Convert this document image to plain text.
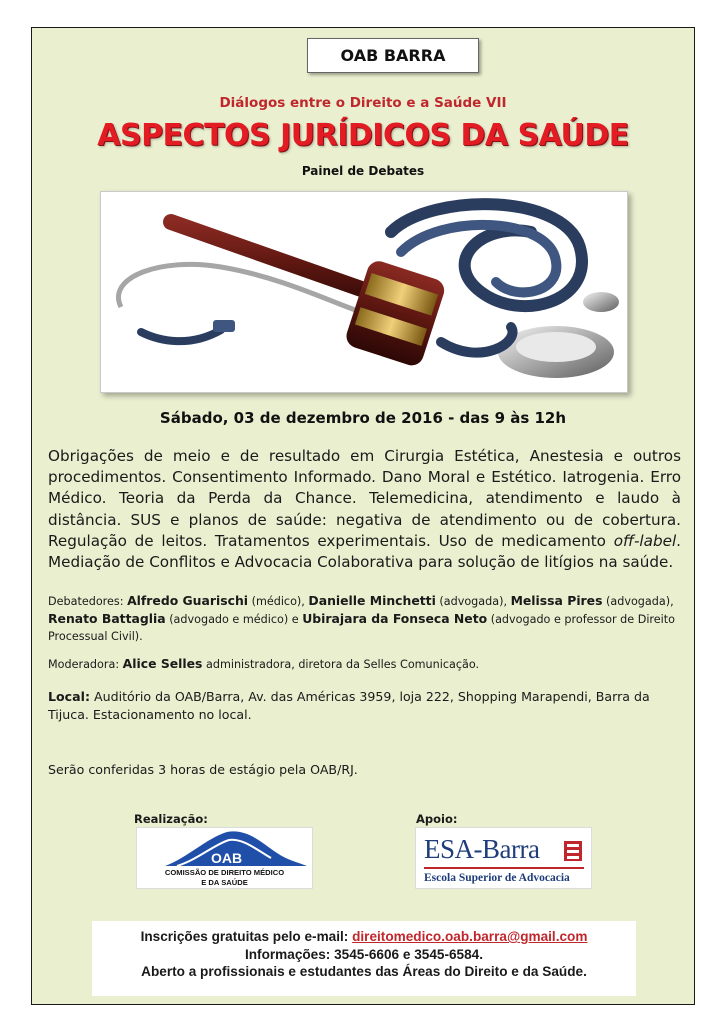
OAB BARRA
Diálogos entre o Direito e a Saúde VII
ASPECTOS JURÍDICOS DA SAÚDE
Painel de Debates
Sábado, 03 de dezembro de 2016 - das 9 às 12h

Obrigações de meio e de resultado em Cirurgia Estética, Anestesia e outros procedimentos. Consentimento Informado. Dano Moral e Estético. Iatrogenia. Erro Médico. Teoria da Perda da Chance. Telemedicina, atendimento e laudo à distância. SUS e planos de saúde: negativa de atendimento ou de cobertura. Regulação de leitos. Tratamentos experimentais. Uso de medicamento off-label. Mediação de Conflitos e Advocacia Colaborativa para solução de litígios na saúde.

Debatedores: Alfredo Guarischi (médico), Danielle Minchetti (advogada), Melissa Pires (advogada), Renato Battaglia (advogado e médico) e Ubirajara da Fonseca Neto (advogado e professor de Direito Processual Civil).

Moderadora: Alice Selles administradora, diretora da Selles Comunicação.

Local: Auditório da OAB/Barra, Av. das Américas 3959, loja 222, Shopping Marapendi, Barra da Tijuca. Estacionamento no local.

Serão conferidas 3 horas de estágio pela OAB/RJ.

Realização:	Apoio:
OAB
COMISSÃO DE DIREITO MÉDICO
E DA SAÚDE
ESA-Barra
Escola Superior de Advocacia
Inscrições gratuitas pelo e-mail: direitomedico.oab.barra@gmail.com
Informações: 3545-6606 e 3545-6584.
Aberto a profissionais e estudantes das Áreas do Direito e da Saúde.
